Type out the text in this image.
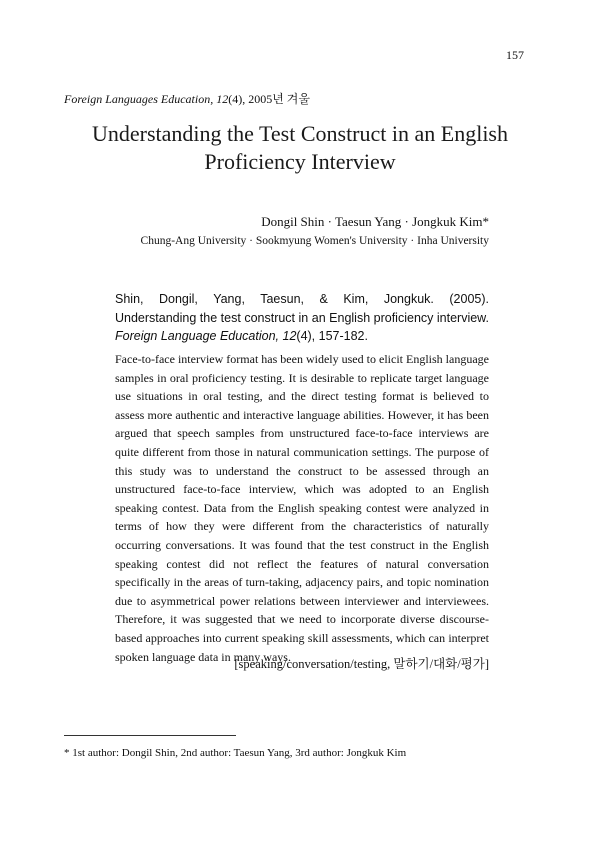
157
Foreign Languages Education, 12(4), 2005년 겨울
Understanding the Test Construct in an English Proficiency Interview
Dongil Shin · Taesun Yang · Jongkuk Kim*
Chung-Ang University · Sookmyung Women's University · Inha University
Shin, Dongil, Yang, Taesun, & Kim, Jongkuk. (2005). Understanding the test construct in an English proficiency interview. Foreign Language Education, 12(4), 157-182.
Face-to-face interview format has been widely used to elicit English language samples in oral proficiency testing. It is desirable to replicate target language use situations in oral testing, and the direct testing format is believed to assess more authentic and interactive language abilities. However, it has been argued that speech samples from unstructured face-to-face interviews are quite different from those in natural communication settings. The purpose of this study was to understand the construct to be assessed through an unstructured face-to-face interview, which was adopted to an English speaking contest. Data from the English speaking contest were analyzed in terms of how they were different from the characteristics of naturally occurring conversations. It was found that the test construct in the English speaking contest did not reflect the features of natural conversation specifically in the areas of turn-taking, adjacency pairs, and topic nomination due to asymmetrical power relations between interviewer and interviewees. Therefore, it was suggested that we need to incorporate diverse discourse-based approaches into current speaking skill assessments, which can interpret spoken language data in many ways.
[speaking/conversation/testing, 말하기/대화/평가]
* 1st author: Dongil Shin, 2nd author: Taesun Yang, 3rd author: Jongkuk Kim
